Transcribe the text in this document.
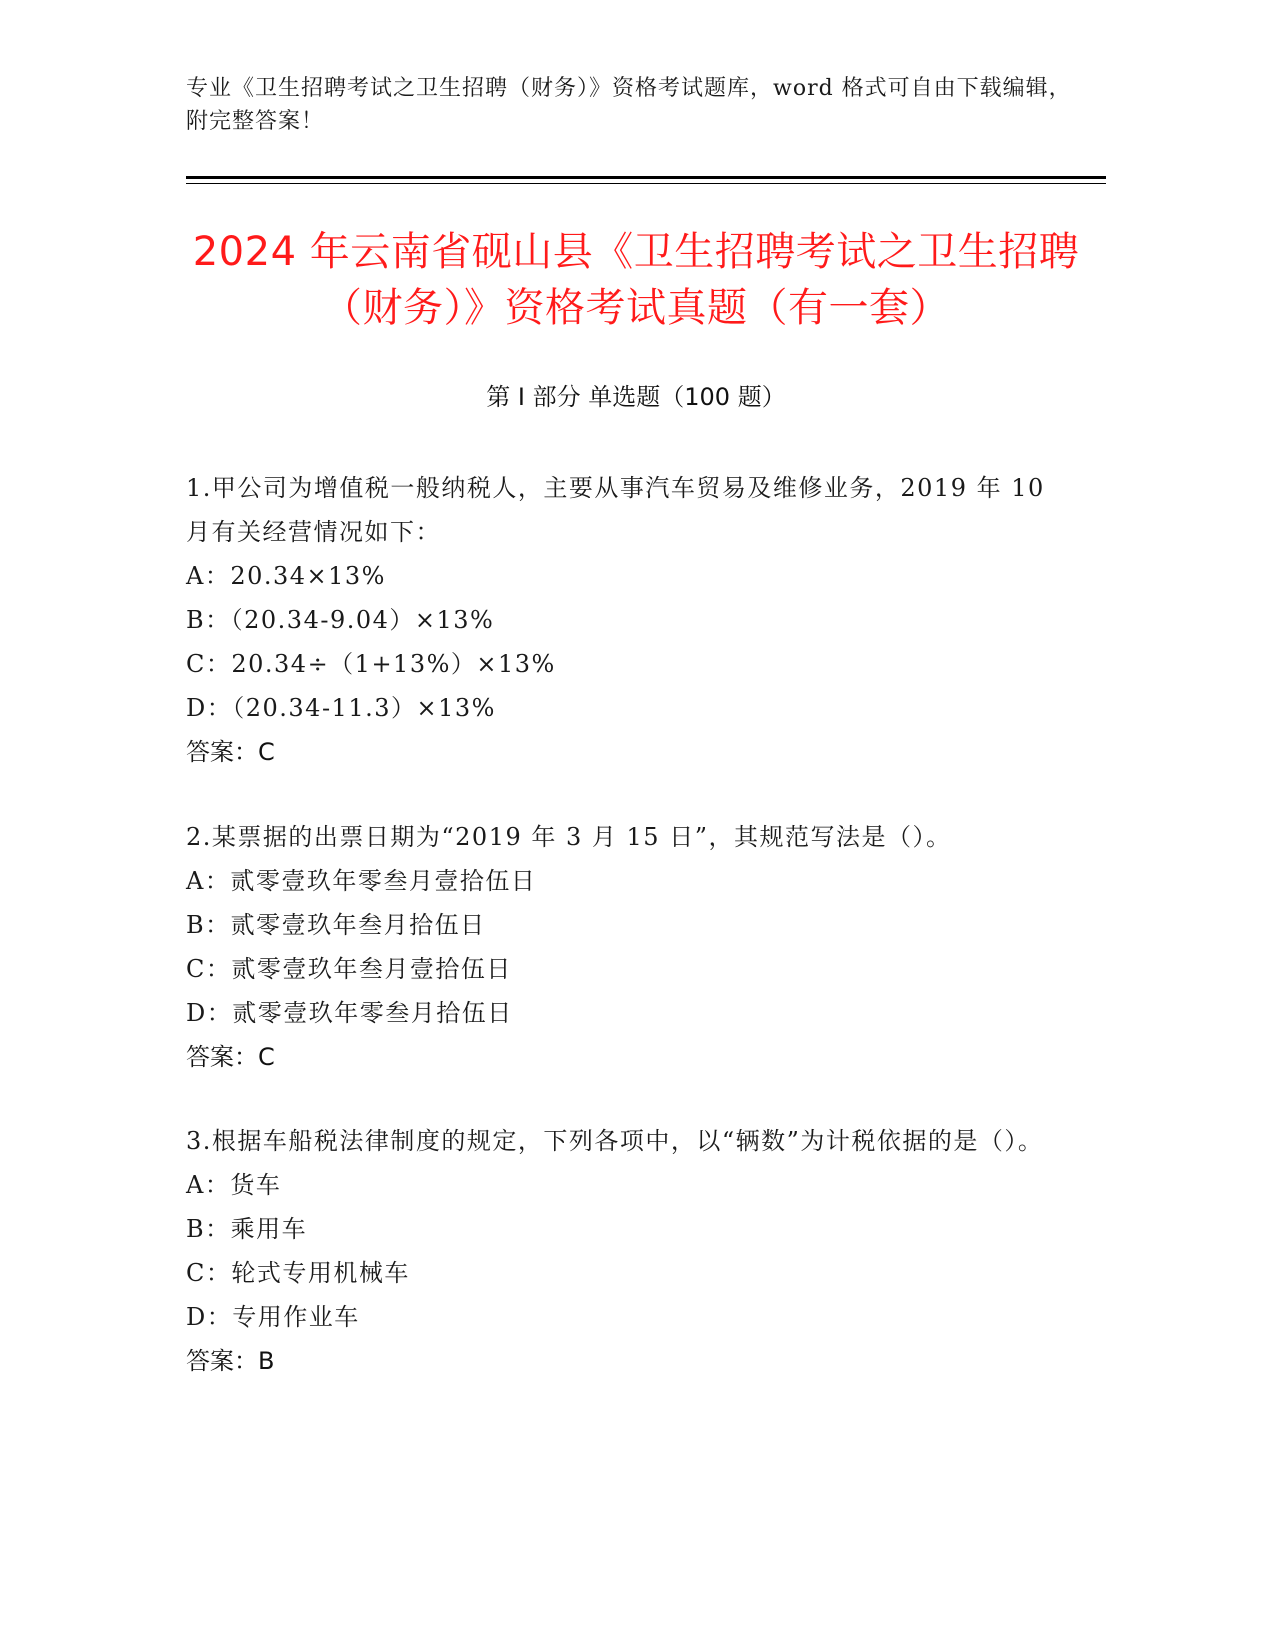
专业《卫生招聘考试之卫生招聘（财务）》资格考试题库，word 格式可自由下载编辑，附完整答案！
2024 年云南省砚山县《卫生招聘考试之卫生招聘（财务）》资格考试真题（有一套）
第 I 部分 单选题（100 题）
1.甲公司为增值税一般纳税人，主要从事汽车贸易及维修业务，2019 年 10 月有关经营情况如下：
A：20.34×13%
B：（20.34-9.04）×13%
C：20.34÷（1+13%）×13%
D：（20.34-11.3）×13%
答案：C
2.某票据的出票日期为“2019 年 3 月 15 日”，其规范写法是（）。
A：贰零壹玖年零叁月壹拾伍日
B：贰零壹玖年叁月拾伍日
C：贰零壹玖年叁月壹拾伍日
D：贰零壹玖年零叁月拾伍日
答案：C
3.根据车船税法律制度的规定，下列各项中，以“辆数”为计税依据的是（）。
A：货车
B：乘用车
C：轮式专用机械车
D：专用作业车
答案：B
